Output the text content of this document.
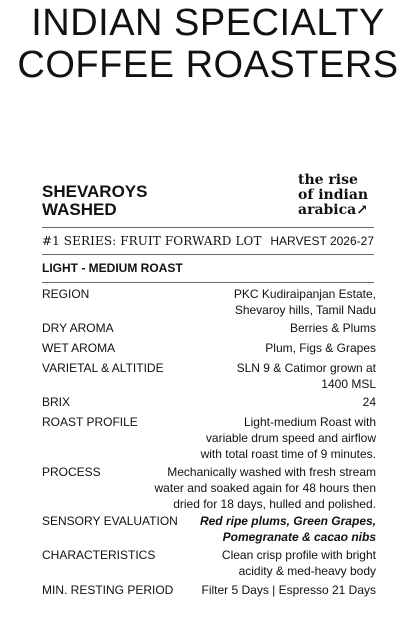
INDIAN SPECIALTY
COFFEE ROASTERS
SHEVAROYS
WASHED
the rise
of indian
arabica↗
#1 SERIES: FRUIT FORWARD LOT HARVEST 2026-27
LIGHT - MEDIUM ROAST
REGION	PKC Kudiraipanjan Estate,
Shevaroy hills, Tamil Nadu
DRY AROMA	Berries & Plums
WET AROMA	Plum, Figs & Grapes
VARIETAL & ALTITIDE	SLN 9 & Catimor grown at
1400 MSL
BRIX	24
ROAST PROFILE	Light-medium Roast with
variable drum speed and airflow
with total roast time of 9 minutes.
PROCESS	Mechanically washed with fresh stream
water and soaked again for 48 hours then
dried for 18 days, hulled and polished.
SENSORY EVALUATION Red ripe plums, Green Grapes,
Pomegranate & cacao nibs
CHARACTERISTICS	Clean crisp profile with bright
acidity & med-heavy body
MIN. RESTING PERIOD Filter 5 Days | Espresso 21 Days
